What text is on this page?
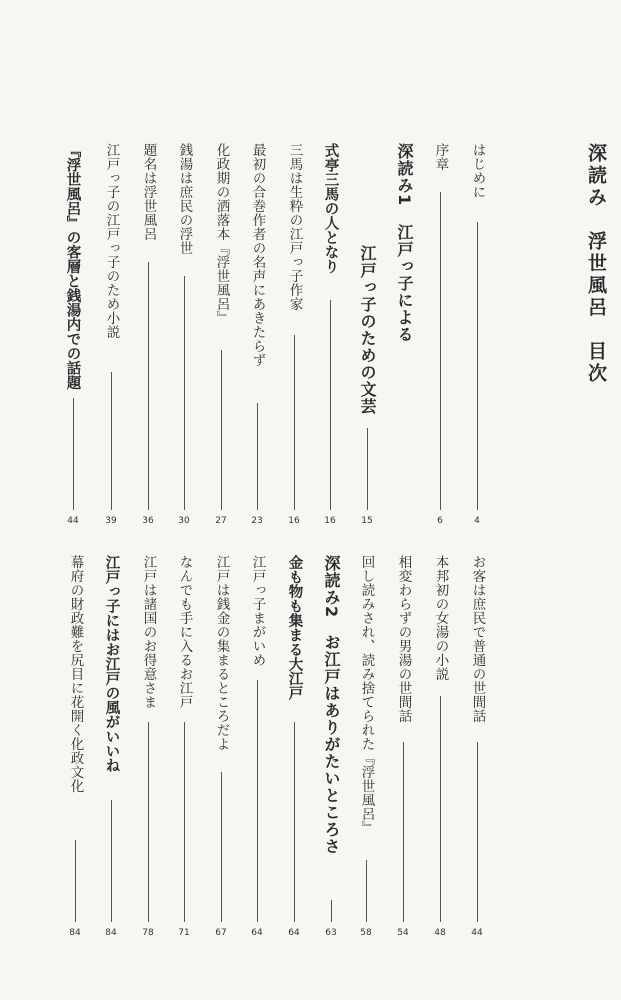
深読み浮世風呂目次
はじめに
4
序章
6
深読み1江戸っ子による
江戸っ子のための文芸
15
式亭三馬の人となり
16
三馬は生粋の江戸っ子作家
16
最初の合巻作者の名声にあきたらず
23
化政期の洒落本『浮世風呂』
27
銭湯は庶民の浮世
30
題名は浮世風呂
36
江戸っ子の江戸っ子のため小説
39
『浮世風呂』の客層と銭湯内での話題
44
お客は庶民で普通の世間話
44
本邦初の女湯の小説
48
相変わらずの男湯の世間話
54
回し読みされ、読み捨てられた『浮世風呂』
58
深読み2お江戸はありがたいところさ
63
金も物も集まる大江戸
64
江戸っ子まがいめ
64
江戸は銭金の集まるところだよ
67
なんでも手に入るお江戸
71
江戸は諸国のお得意さま
78
江戸っ子にはお江戸の風がいいね
84
幕府の財政難を尻目に花開く化政文化
84
